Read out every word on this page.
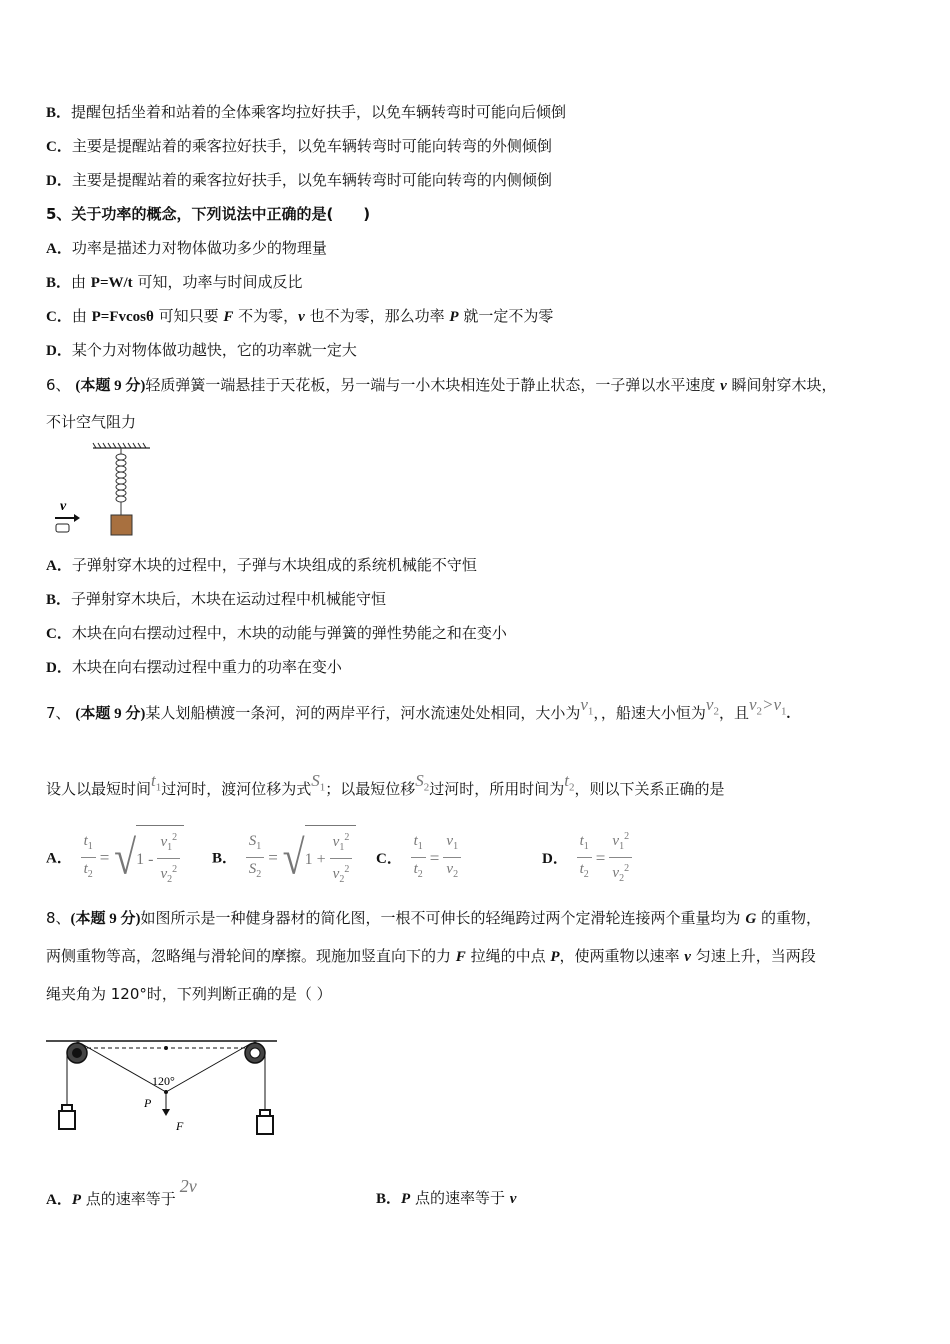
B．提醒包括坐着和站着的全体乘客均拉好扶手，以免车辆转弯时可能向后倾倒
C．主要是提醒站着的乘客拉好扶手，以免车辆转弯时可能向转弯的外侧倾倒
D．主要是提醒站着的乘客拉好扶手，以免车辆转弯时可能向转弯的内侧倾倒
5、关于功率的概念，下列说法中正确的是(　　)
A．功率是描述力对物体做功多少的物理量
B．由 P=W/t 可知，功率与时间成反比
C．由 P=Fvcosθ 可知只要 F 不为零，v 也不为零，那么功率 P 就一定不为零
D．某个力对物体做功越快，它的功率就一定大
6、 (本题 9 分)轻质弹簧一端悬挂于天花板，另一端与一小木块相连处于静止状态，一子弹以水平速度 v 瞬间射穿木块，
不计空气阻力
v
A．子弹射穿木块的过程中，子弹与木块组成的系统机械能不守恒
B．子弹射穿木块后，木块在运动过程中机械能守恒
C．木块在向右摆动过程中，木块的动能与弹簧的弹性势能之和在变小
D．木块在向右摆动过程中重力的功率在变小
7、 (本题 9 分)某人划船横渡一条河，河的两岸平行，河水流速处处相同，大小为$v_1$，，船速大小恒为$v_2$，且$v_2>v_1$.
设人以最短时间$t_1$过河时，渡河位移为式$S_1$；以最短位移$S_2$过河时，所用时间为$t_2$，则以下关系正确的是
A． $\frac{t_1}{t_2}$ = √ $1 - \frac{v_1^2}{v_2^2}$ B． $\frac{S_1}{S_2}$ = √ $1 + \frac{v_1^2}{v_2^2}$ C． $\frac{t_1}{t_2} = \frac{v_1}{v_2}$	D． $\frac{t_1}{t_2} = \frac{v_1^2}{v_2^2}$
8、(本题 9 分)如图所示是一种健身器材的简化图，一根不可伸长的轻绳跨过两个定滑轮连接两个重量均为 G 的重物，
两侧重物等高，忽略绳与滑轮间的摩擦。现施加竖直向下的力 F 拉绳的中点 P，使两重物以速率 v 匀速上升，当两段
绳夹角为 120°时，下列判断正确的是（ ）
120°
P
F
A．P 点的速率等于2v
B．P 点的速率等于 v
